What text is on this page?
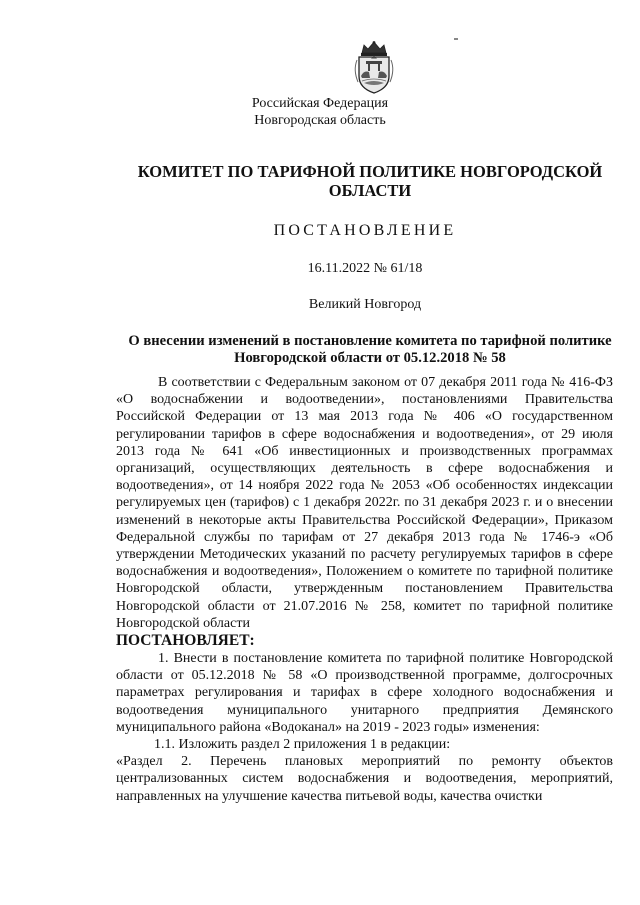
Российская Федерация
Новгородская область
КОМИТЕТ ПО ТАРИФНОЙ ПОЛИТИКЕ НОВГОРОДСКОЙ ОБЛАСТИ
ПОСТАНОВЛЕНИЕ
16.11.2022 № 61/18
Великий Новгород
О внесении изменений в постановление комитета по тарифной политике Новгородской области от 05.12.2018 № 58

В соответствии с Федеральным законом от 07 декабря 2011 года № 416-ФЗ «О водоснабжении и водоотведении», постановлениями Правительства Российской Федерации от 13 мая 2013 года № 406 «О государственном регулировании тарифов в сфере водоснабжения и водоотведения», от 29 июля 2013 года № 641 «Об инвестиционных и производственных программах организаций, осуществляющих деятельность в сфере водоснабжения и водоотведения», от 14 ноября 2022 года № 2053 «Об особенностях индексации регулируемых цен (тарифов) с 1 декабря 2022г. по 31 декабря 2023 г. и о внесении изменений в некоторые акты Правительства Российской Федерации», Приказом Федеральной службы по тарифам от 27 декабря 2013 года № 1746-э «Об утверждении Методических указаний по расчету регулируемых тарифов в сфере водоснабжения и водоотведения», Положением о комитете по тарифной политике Новгородской области, утвержденным постановлением Правительства Новгородской области от 21.07.2016 № 258, комитет по тарифной политике Новгородской области

ПОСТАНОВЛЯЕТ:

1. Внести в постановление комитета по тарифной политике Новгородской области от 05.12.2018 № 58 «О производственной программе, долгосрочных параметрах регулирования и тарифах в сфере холодного водоснабжения и водоотведения муниципального унитарного предприятия Демянского муниципального района «Водоканал» на 2019 - 2023 годы» изменения:

1.1. Изложить раздел 2 приложения 1 в редакции:

«Раздел 2. Перечень плановых мероприятий по ремонту объектов централизованных систем водоснабжения и водоотведения, мероприятий, направленных на улучшение качества питьевой воды, качества очистки
